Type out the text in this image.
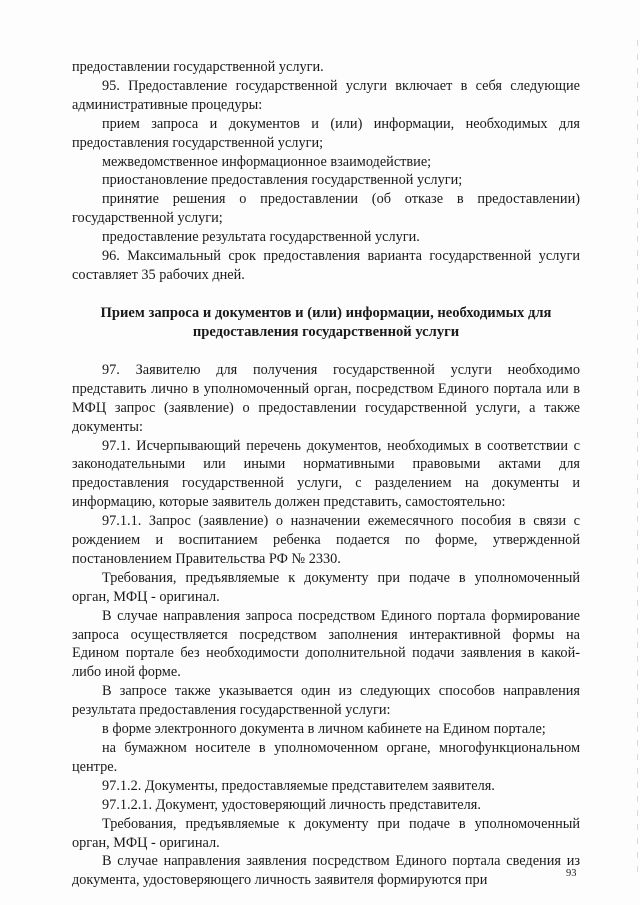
предоставлении государственной услуги.

95. Предоставление государственной услуги включает в себя следующие административные процедуры:

прием запроса и документов и (или) информации, необходимых для предоставления государственной услуги;

межведомственное информационное взаимодействие;

приостановление предоставления государственной услуги;

принятие решения о предоставлении (об отказе в предоставлении) государственной услуги;

предоставление результата государственной услуги.

96. Максимальный срок предоставления варианта государственной услуги составляет 35 рабочих дней.

Прием запроса и документов и (или) информации, необходимых для предоставления государственной услуги

97. Заявителю для получения государственной услуги необходимо представить лично в уполномоченный орган, посредством Единого портала или в МФЦ запрос (заявление) о предоставлении государственной услуги, а также документы:

97.1. Исчерпывающий перечень документов, необходимых в соответствии с законодательными или иными нормативными правовыми актами для предоставления государственной услуги, с разделением на документы и информацию, которые заявитель должен представить, самостоятельно:

97.1.1. Запрос (заявление) о назначении ежемесячного пособия в связи с рождением и воспитанием ребенка подается по форме, утвержденной постановлением Правительства РФ № 2330.

Требования, предъявляемые к документу при подаче в уполномоченный орган, МФЦ - оригинал.

В случае направления запроса посредством Единого портала формирование запроса осуществляется посредством заполнения интерактивной формы на Едином портале без необходимости дополнительной подачи заявления в какой-либо иной форме.

В запросе также указывается один из следующих способов направления результата предоставления государственной услуги:

в форме электронного документа в личном кабинете на Едином портале;

на бумажном носителе в уполномоченном органе, многофункциональном центре.

97.1.2. Документы, предоставляемые представителем заявителя.

97.1.2.1. Документ, удостоверяющий личность представителя.

Требования, предъявляемые к документу при подаче в уполномоченный орган, МФЦ - оригинал.

В случае направления заявления посредством Единого портала сведения из документа, удостоверяющего личность заявителя формируются при	93
